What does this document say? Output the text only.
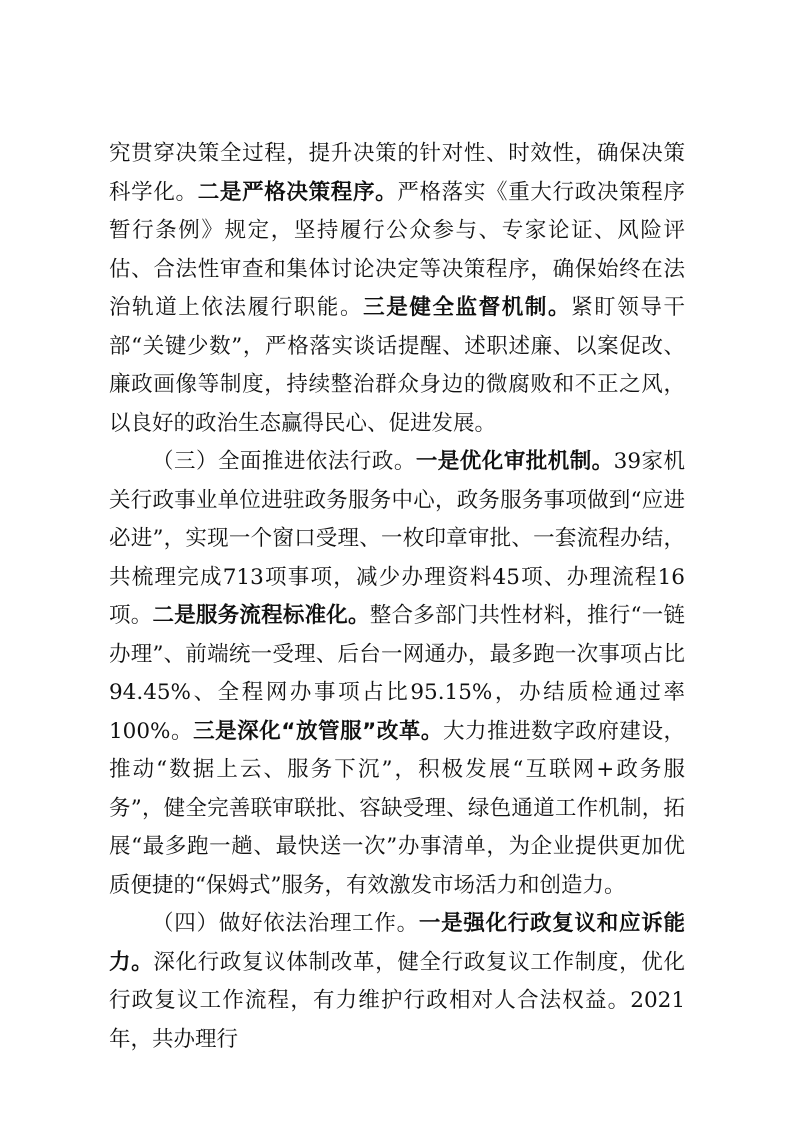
究贯穿决策全过程，提升决策的针对性、时效性，确保决策科学化。二是严格决策程序。严格落实《重大行政决策程序暂行条例》规定，坚持履行公众参与、专家论证、风险评估、合法性审查和集体讨论决定等决策程序，确保始终在法治轨道上依法履行职能。三是健全监督机制。紧盯领导干部“关键少数”，严格落实谈话提醒、述职述廉、以案促改、廉政画像等制度，持续整治群众身边的微腐败和不正之风，以良好的政治生态赢得民心、促进发展。

（三）全面推进依法行政。一是优化审批机制。39家机关行政事业单位进驻政务服务中心，政务服务事项做到“应进必进”，实现一个窗口受理、一枚印章审批、一套流程办结，共梳理完成713项事项，减少办理资料45项、办理流程16项。二是服务流程标准化。整合多部门共性材料，推行“一链办理”、前端统一受理、后台一网通办，最多跑一次事项占比94.45%、全程网办事项占比95.15%，办结质检通过率100%。三是深化“放管服”改革。大力推进数字政府建设，推动“数据上云、服务下沉”，积极发展“互联网+政务服务”，健全完善联审联批、容缺受理、绿色通道工作机制，拓展“最多跑一趟、最快送一次”办事清单，为企业提供更加优质便捷的“保姆式”服务，有效激发市场活力和创造力。

（四）做好依法治理工作。一是强化行政复议和应诉能力。深化行政复议体制改革，健全行政复议工作制度，优化行政复议工作流程，有力维护行政相对人合法权益。2021年，共办理行
